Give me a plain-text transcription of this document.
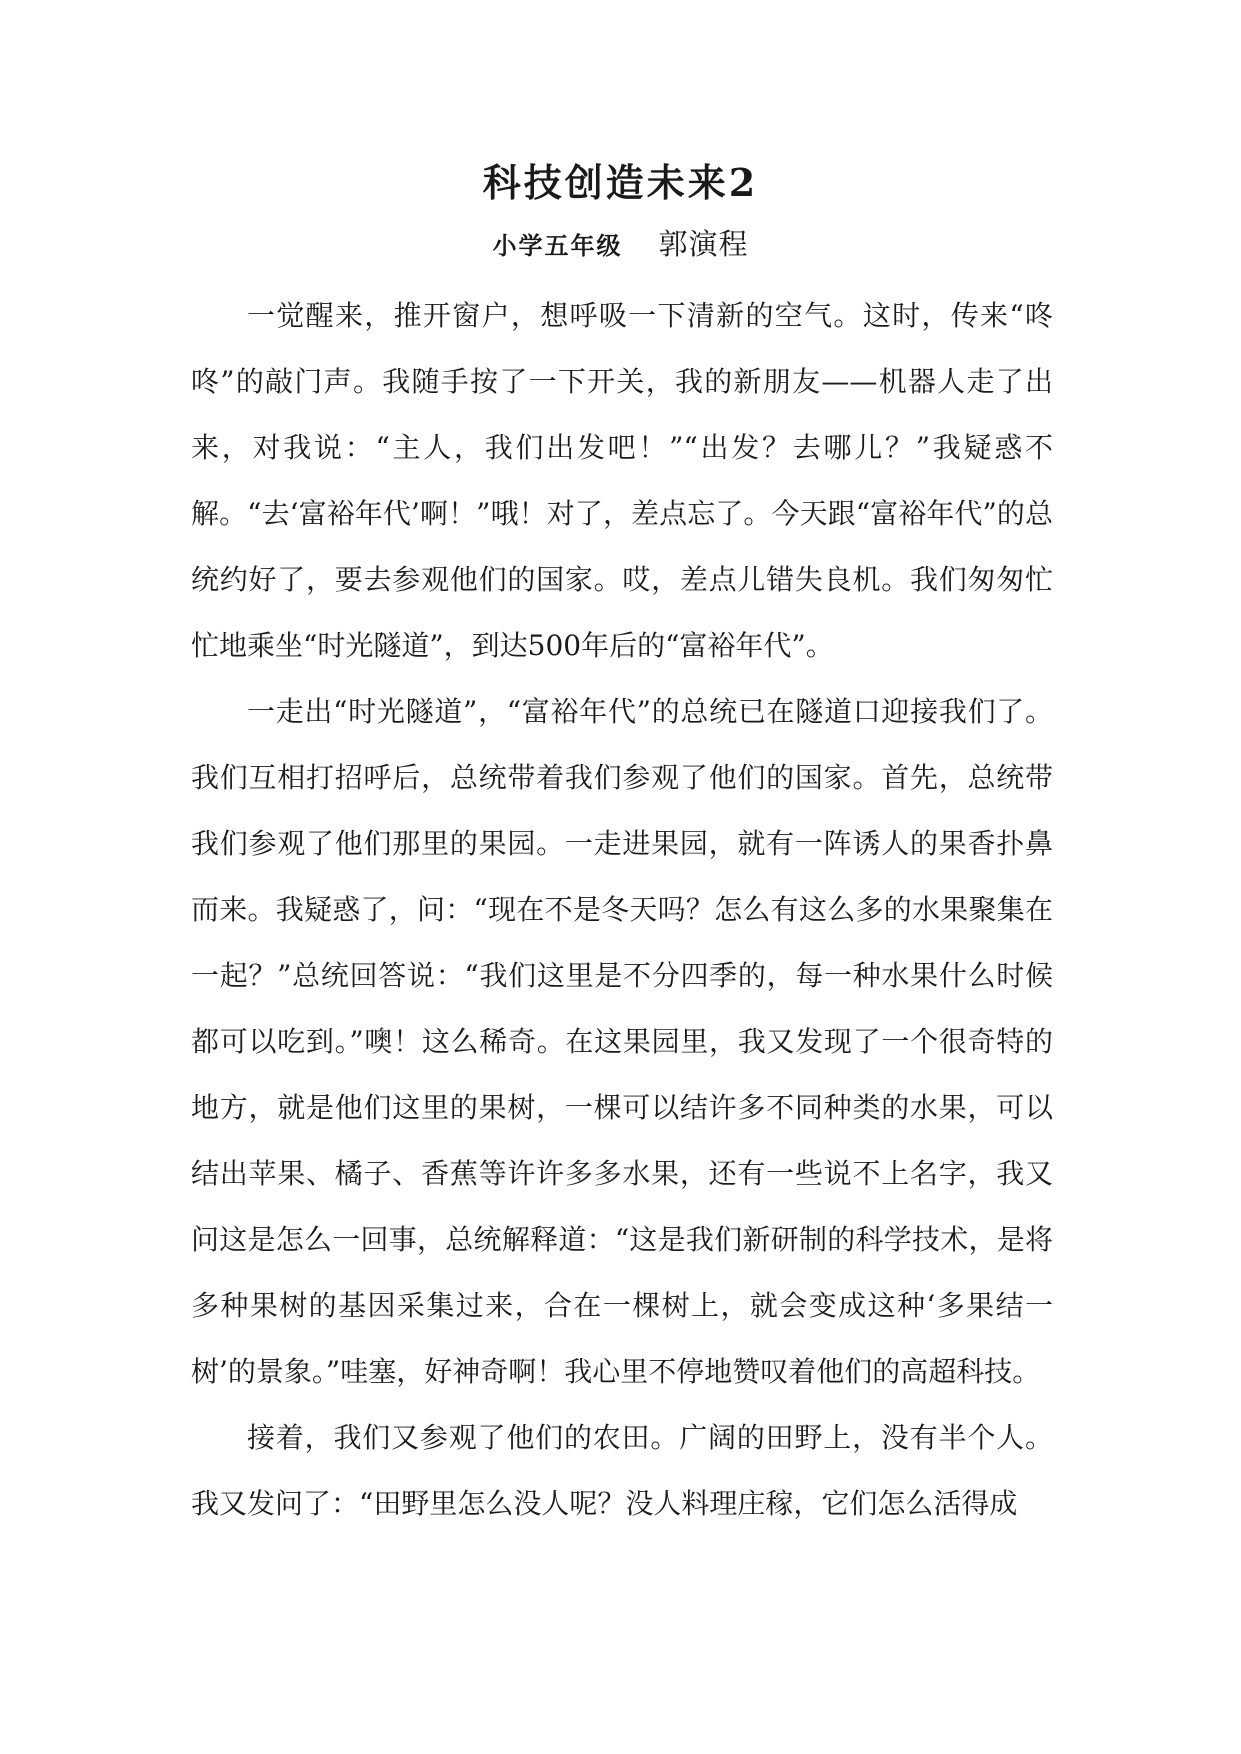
科技创造未来2
小学五年级 郭演程

一觉醒来，推开窗户，想呼吸一下清新的空气。这时，传来“咚咚”的敲门声。我随手按了一下开关，我的新朋友——机器人走了出来，对我说：“主人，我们出发吧！”“出发？去哪儿？”我疑惑不解。“去‘富裕年代’啊！”哦！对了，差点忘了。今天跟“富裕年代”的总统约好了，要去参观他们的国家。哎，差点儿错失良机。我们匆匆忙忙地乘坐“时光隧道”，到达500年后的“富裕年代”。

一走出“时光隧道”，“富裕年代”的总统已在隧道口迎接我们了。我们互相打招呼后，总统带着我们参观了他们的国家。首先，总统带我们参观了他们那里的果园。一走进果园，就有一阵诱人的果香扑鼻而来。我疑惑了，问：“现在不是冬天吗？怎么有这么多的水果聚集在一起？”总统回答说：“我们这里是不分四季的，每一种水果什么时候都可以吃到。”噢！这么稀奇。在这果园里，我又发现了一个很奇特的地方，就是他们这里的果树，一棵可以结许多不同种类的水果，可以结出苹果、橘子、香蕉等许许多多水果，还有一些说不上名字，我又问这是怎么一回事，总统解释道：“这是我们新研制的科学技术，是将多种果树的基因采集过来，合在一棵树上，就会变成这种‘多果结一树’的景象。”哇塞，好神奇啊！我心里不停地赞叹着他们的高超科技。

接着，我们又参观了他们的农田。广阔的田野上，没有半个人。我又发问了：“田野里怎么没人呢？没人料理庄稼，它们怎么活得成
